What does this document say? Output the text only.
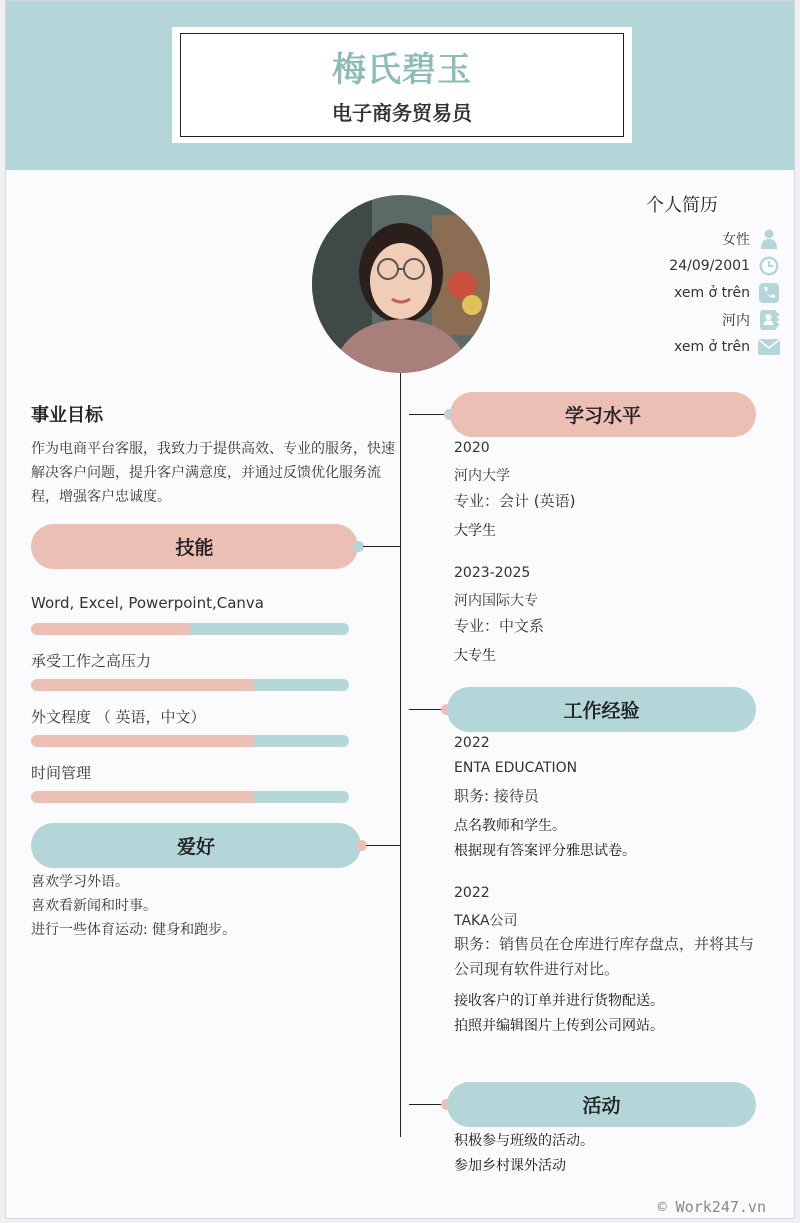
梅氏碧玉
电子商务贸易员
个人简历
女性
24/09/2001
xem ở trên
河内
xem ở trên
事业目标
作为电商平台客服，我致力于提供高效、专业的服务，快速解决客户问题，提升客户满意度，并通过反馈优化服务流程，增强客户忠诚度。
技能
Word, Excel, Powerpoint,Canva
承受工作之高压力
外文程度 （ 英语，中文）
时间管理
爱好
喜欢学习外语。
喜欢看新闻和时事。
进行一些体育运动: 健身和跑步。
学习水平
2020
河内大学
专业：会计 (英语)
大学生
2023-2025
河内国际大专
专业：中文系
大专生
工作经验
2022
ENTA EDUCATION
职务: 接待员
点名教师和学生。
根据现有答案评分雅思试卷。
2022
TAKA公司
职务：销售员在仓库进行库存盘点，并将其与公司现有软件进行对比。
接收客户的订单并进行货物配送。
拍照并编辑图片上传到公司网站。
活动
积极参与班级的活动。
参加乡村课外活动
© Work247.vn
